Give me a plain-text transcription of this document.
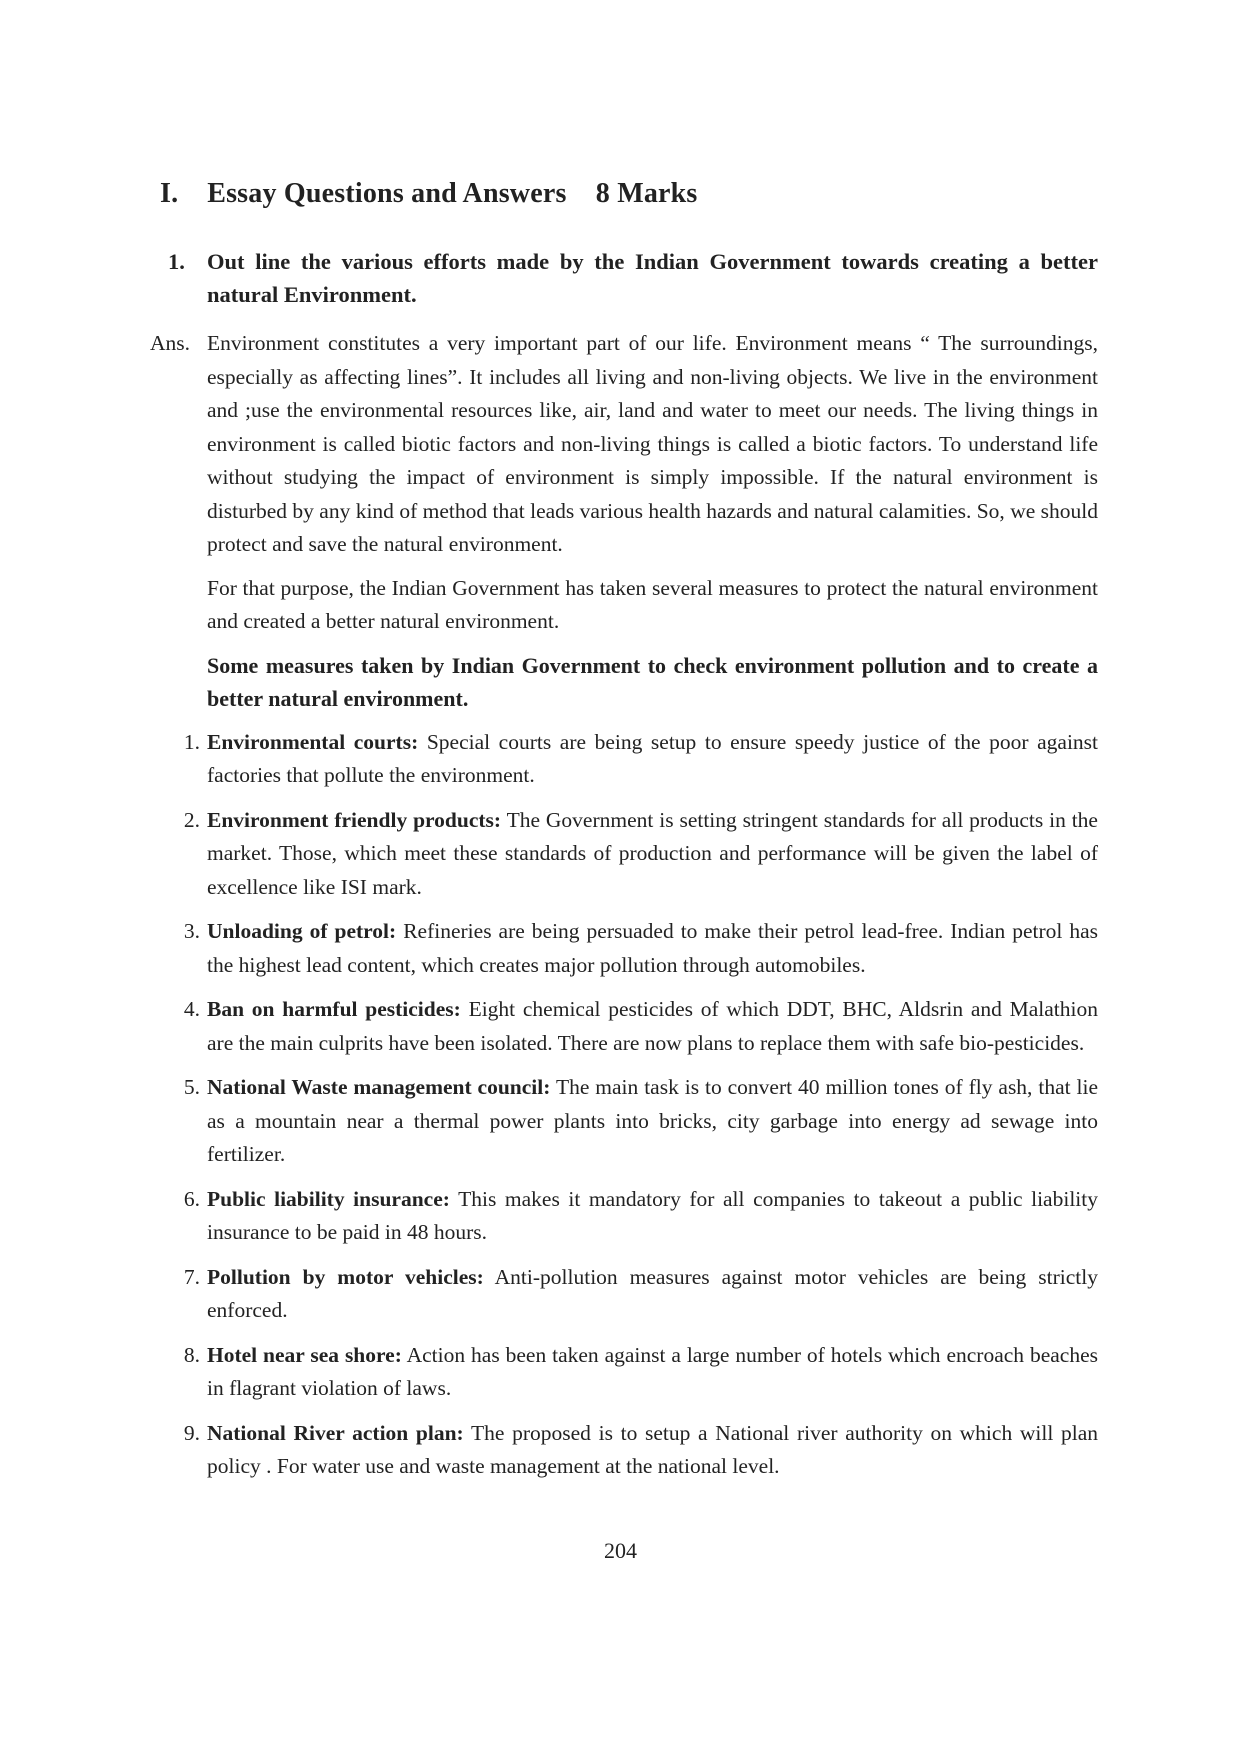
I. Essay Questions and Answers 8 Marks
1. Out line the various efforts made by the Indian Government towards creating a better natural Environment.
Ans. Environment constitutes a very important part of our life. Environment means “ The surroundings, especially as affecting lines”. It includes all living and non-living objects. We live in the environment and ;use the environmental resources like, air, land and water to meet our needs. The living things in environment is called biotic factors and non-living things is called a biotic factors. To understand life without studying the impact of environment is simply impossible. If the natural environment is disturbed by any kind of method that leads various health hazards and natural calamities. So, we should protect and save the natural environment.

For that purpose, the Indian Government has taken several measures to protect the natural environment and created a better natural environment.

Some measures taken by Indian Government to check environment pollution and to create a better natural environment.

1. Environmental courts: Special courts are being setup to ensure speedy justice of the poor against factories that pollute the environment.
2. Environment friendly products: The Government is setting stringent standards for all products in the market. Those, which meet these standards of production and performance will be given the label of excellence like ISI mark.
3. Unloading of petrol: Refineries are being persuaded to make their petrol lead-free. Indian petrol has the highest lead content, which creates major pollution through automobiles.
4. Ban on harmful pesticides: Eight chemical pesticides of which DDT, BHC, Aldsrin and Malathion are the main culprits have been isolated. There are now plans to replace them with safe bio-pesticides.
5. National Waste management council: The main task is to convert 40 million tones of fly ash, that lie as a mountain near a thermal power plants into bricks, city garbage into energy ad sewage into fertilizer.
6. Public liability insurance: This makes it mandatory for all companies to takeout a public liability insurance to be paid in 48 hours.
7. Pollution by motor vehicles: Anti-pollution measures against motor vehicles are being strictly enforced.
8. Hotel near sea shore: Action has been taken against a large number of hotels which encroach beaches in flagrant violation of laws.
9. National River action plan: The proposed is to setup a National river authority on which will plan policy . For water use and waste management at the national level.
204
